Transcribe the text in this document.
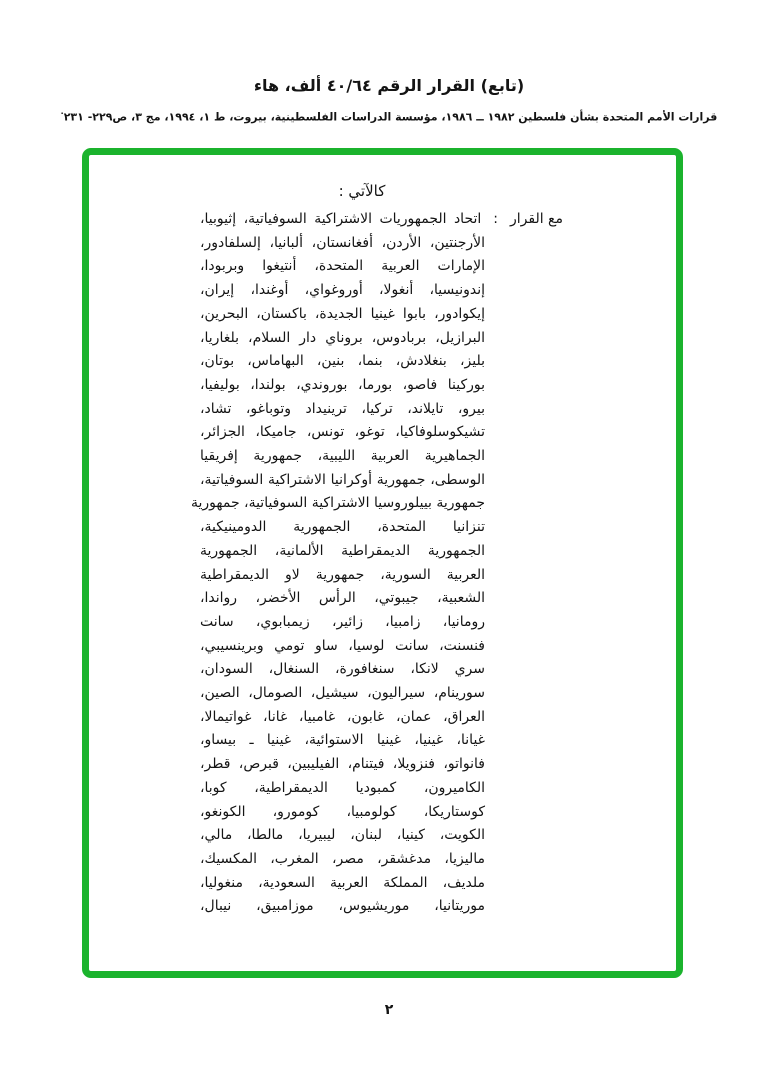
(تابع) القرار الرقم ٤٠/٦٤ ألف، هاء
قرارات الأمم المتحدة بشأن فلسطين ١٩٨٢ ــ ١٩٨٦، مؤسسة الدراسات الفلسطينية، بيروت، ط ١، ١٩٩٤، مج ٣، ص٢٢٩- ٢٣١·
كالآتي :
مع القرار
:
اتحاد الجمهوريات الاشتراكية السوفياتية، إثيوبيا،
الأرجنتين، الأردن، أفغانستان، ألبانيا، إلسلفادور،
الإمارات العربية المتحدة، أنتيغوا وبربودا،
إندونيسيا، أنغولا، أوروغواي، أوغندا، إيران،
إيكوادور، بابوا غينيا الجديدة، باكستان، البحرين،
البرازيل، بربادوس، بروناي دار السلام، بلغاريا،
بليز، بنغلادش، بنما، بنين، البهاماس، بوتان،
بوركينا فاصو، بورما، بوروندي، بولندا، بوليفيا،
بيرو، تايلاند، تركيا، ترينيداد وتوباغو، تشاد،
تشيكوسلوفاكيا، توغو، تونس، جاميكا، الجزائر،
الجماهيرية العربية الليبية، جمهورية إفريقيا
الوسطى، جمهورية أوكرانيا الاشتراكية السوفياتية،
جمهورية بييلوروسيا الاشتراكية السوفياتية، جمهورية
تنزانيا المتحدة، الجمهورية الدومينيكية،
الجمهورية الديمقراطية الألمانية، الجمهورية
العربية السورية، جمهورية لاو الديمقراطية
الشعبية، جيبوتي، الرأس الأخضر، رواندا،
رومانيا، زامبيا، زائير، زيمبابوي، سانت
فنسنت، سانت لوسيا، ساو تومي وبرينسيبي،
سري لانكا، سنغافورة، السنغال، السودان،
سورينام، سيراليون، سيشيل، الصومال، الصين،
العراق، عمان، غابون، غامبيا، غانا، غواتيمالا،
غيانا، غينيا، غينيا الاستوائية، غينيا ـ بيساو،
فانواتو، فنزويلا، فيتنام، الفيليبين، قبرص، قطر،
الكاميرون، كمبوديا الديمقراطية، كوبا،
كوستاريكا، كولومبيا، كومورو، الكونغو،
الكويت، كينيا، لبنان، ليبيريا، مالطا، مالي،
ماليزيا، مدغشقر، مصر، المغرب، المكسيك،
ملديف، المملكة العربية السعودية، منغوليا،
موريتانيا، موريشيوس، موزامبيق، نيبال،
٢
